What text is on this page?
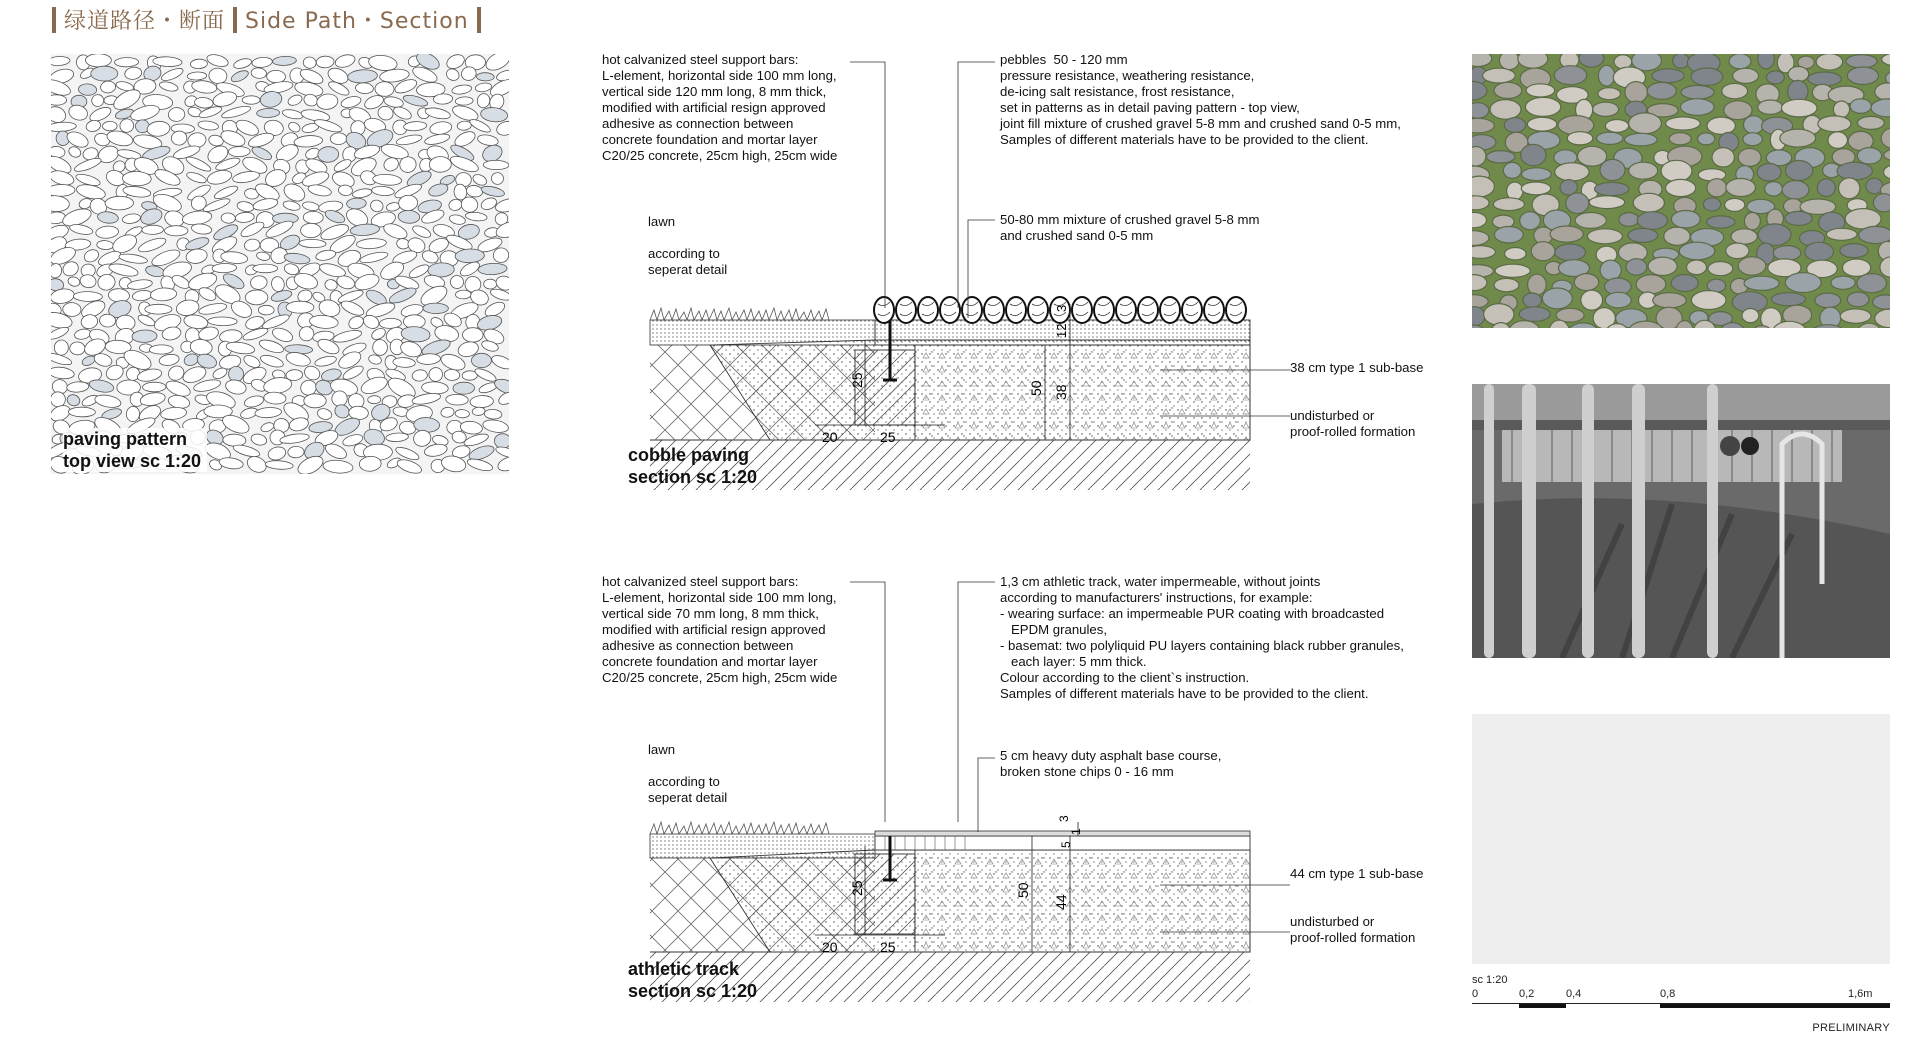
绿道路径・断面 Side Path・Section
paving pattern
top view sc 1:20
hot calvanized steel support bars:
L-element, horizontal side 100 mm long,
vertical side 120 mm long, 8 mm thick,
modified with artificial resign approved
adhesive as connection between
concrete foundation and mortar layer
C20/25 concrete, 25cm high, 25cm wide
pebbles  50 - 120 mm
pressure resistance, weathering resistance,
de-icing salt resistance, frost resistance,
set in patterns as in detail paving pattern - top view,
joint fill mixture of crushed gravel 5-8 mm and crushed sand 0-5 mm,
Samples of different materials have to be provided to the client.
lawn

according to
seperat detail
50-80 mm mixture of crushed gravel 5-8 mm
and crushed sand 0-5 mm
38 cm type 1 sub-base
undisturbed or
proof-rolled formation
25
50 38
12
3
20	25
cobble paving
section sc 1:20
hot calvanized steel support bars:
L-element, horizontal side 100 mm long,
vertical side 70 mm long, 8 mm thick,
modified with artificial resign approved
adhesive as connection between
concrete foundation and mortar layer
C20/25 concrete, 25cm high, 25cm wide
1,3 cm athletic track, water impermeable, without joints
according to manufacturers' instructions, for example:
- wearing surface: an impermeable PUR coating with broadcasted
EPDM granules,
- basemat: two polyliquid PU layers containing black rubber granules,
each layer: 5 mm thick.
Colour according to the client`s instruction.
Samples of different materials have to be provided to the client.
lawn

according to
seperat detail
5 cm heavy duty asphalt base course,
broken stone chips 0 - 16 mm
44 cm type 1 sub-base
undisturbed or
proof-rolled formation
25	50
44
5
1
3
20	25
athletic track
section sc 1:20
sc 1:20
0	0,2	0,4	0,8	1,6m
PRELIMINARY
